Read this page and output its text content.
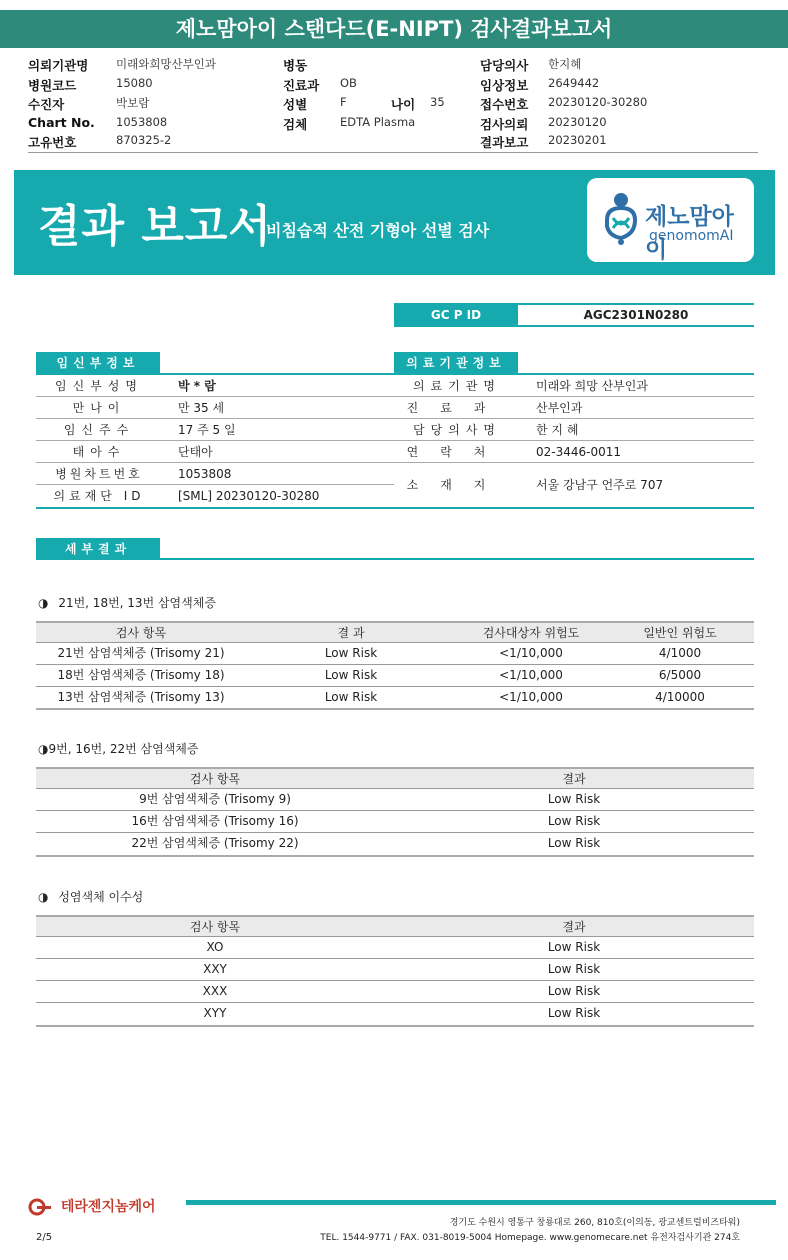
제노맘아이 스탠다드(E-NIPT) 검사결과보고서
의뢰기관명 미래와희망산부인과	병동	담당의사 한지혜
병원코드	15080	진료과 OB	임상정보 2649442
수진자	박보람	성별	F	나이 35	접수번호 20230120-30280
Chart No. 1053808	검체	EDTA Plasma	검사의뢰 20230120
고유번호	870325-2	결과보고 20230201
결과 보고서
비침습적 산전 기형아 선별 검사
제노맘아이
genomomAI
GC P ID	AGC2301N0280
임신부정보
임신부성명	박 * 람
만나이	만 35 세
임신주수	17 주 5 일
태아수	단태아
병원차트번호	1053808
의료재단 ID	[SML] 20230120-30280
의료기관정보
의료기관명	미래와 희망 산부인과
진료과	산부인과
담당의사명	한 지 혜
연락처	02-3446-0011
소재지	서울 강남구 언주로 707
세부결과
◑ 21번, 18번, 13번 삼염색체증
검사 항목	결 과	검사대상자 위험도	일반인 위험도
21번 삼염색체증 (Trisomy 21)	Low Risk	<1/10,000	4/1000
18번 삼염색체증 (Trisomy 18)	Low Risk	<1/10,000	6/5000
13번 삼염색체증 (Trisomy 13)	Low Risk	<1/10,000	4/10000
◑9번, 16번, 22번 삼염색체증
검사 항목	결과
9번 삼염색체증 (Trisomy 9)	Low Risk
16번 삼염색체증 (Trisomy 16)	Low Risk
22번 삼염색체증 (Trisomy 22)	Low Risk
◑ 성염색체 이수성
검사 항목	결과
XO	Low Risk
XXY	Low Risk
XXX	Low Risk
XYY	Low Risk
테라젠지놈케어
경기도 수원시 영통구 창룡대로 260, 810호(이의동, 광교센트럴비즈타워)
TEL. 1544-9771 / FAX. 031-8019-5004 Homepage. www.genomecare.net 유전자검사기관 274호
2/5
